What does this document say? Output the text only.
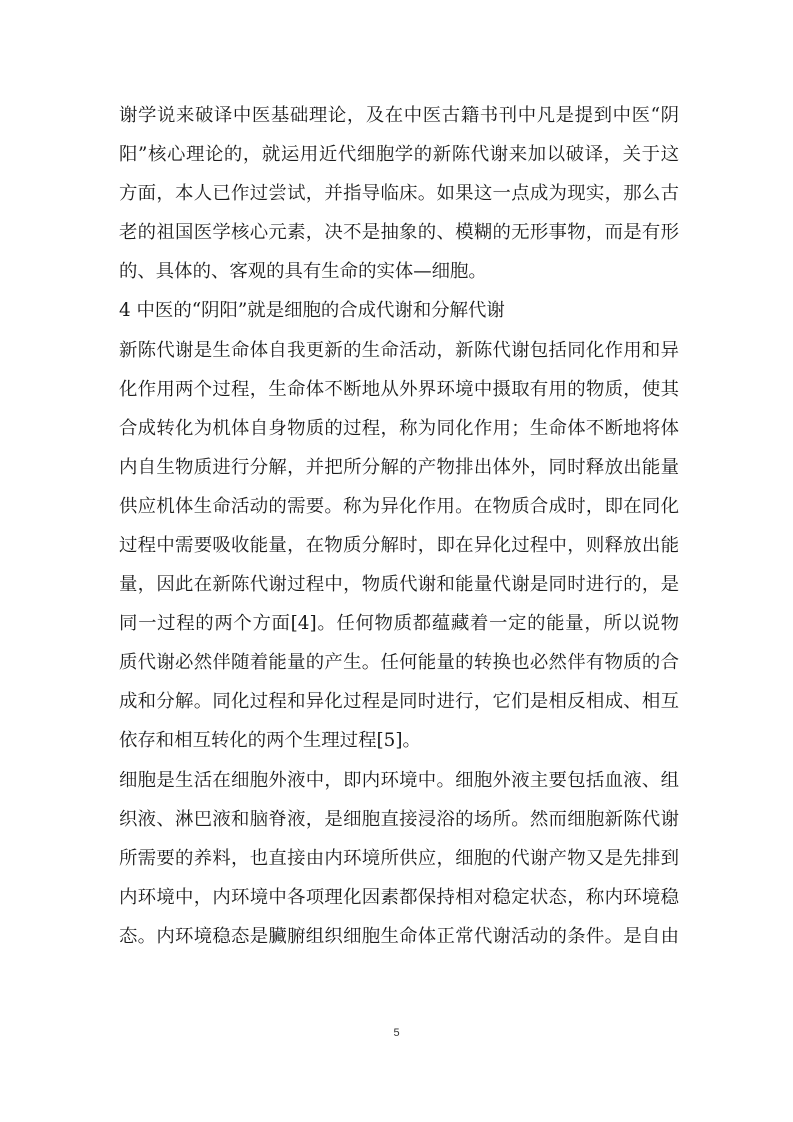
谢学说来破译中医基础理论，及在中医古籍书刊中凡是提到中医“阴
阳”核心理论的，就运用近代细胞学的新陈代谢来加以破译，关于这
方面，本人已作过尝试，并指导临床。如果这一点成为现实，那么古
老的祖国医学核心元素，决不是抽象的、模糊的无形事物，而是有形
的、具体的、客观的具有生命的实体—细胞。
4 中医的“阴阳”就是细胞的合成代谢和分解代谢
新陈代谢是生命体自我更新的生命活动，新陈代谢包括同化作用和异
化作用两个过程，生命体不断地从外界环境中摄取有用的物质，使其
合成转化为机体自身物质的过程，称为同化作用；生命体不断地将体
内自生物质进行分解，并把所分解的产物排出体外，同时释放出能量
供应机体生命活动的需要。称为异化作用。在物质合成时，即在同化
过程中需要吸收能量，在物质分解时，即在异化过程中，则释放出能
量，因此在新陈代谢过程中，物质代谢和能量代谢是同时进行的，是
同一过程的两个方面[4]。任何物质都蕴藏着一定的能量，所以说物
质代谢必然伴随着能量的产生。任何能量的转换也必然伴有物质的合
成和分解。同化过程和异化过程是同时进行，它们是相反相成、相互
依存和相互转化的两个生理过程[5]。
细胞是生活在细胞外液中，即内环境中。细胞外液主要包括血液、组
织液、淋巴液和脑脊液，是细胞直接浸浴的场所。然而细胞新陈代谢
所需要的养料，也直接由内环境所供应，细胞的代谢产物又是先排到
内环境中，内环境中各项理化因素都保持相对稳定状态，称内环境稳
态。内环境稳态是臟腑组织细胞生命体正常代谢活动的条件。是自由
5
